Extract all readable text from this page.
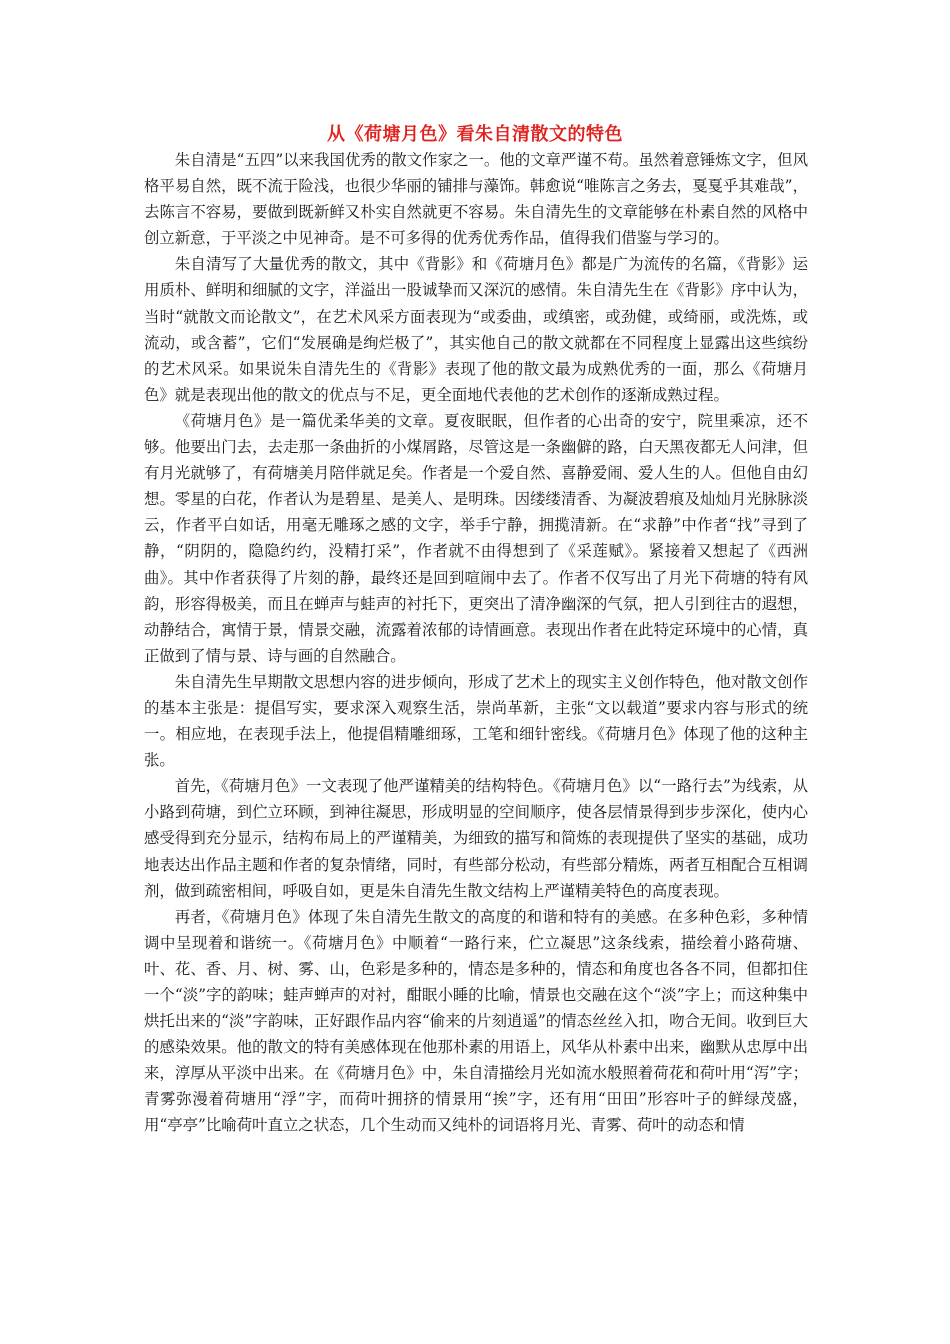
从《荷塘月色》看朱自清散文的特色

朱自清是“五四”以来我国优秀的散文作家之一。他的文章严谨不苟。虽然着意锤炼文字，但风格平易自然，既不流于险浅，也很少华丽的铺排与藻饰。韩愈说“唯陈言之务去，戛戛乎其难哉”，去陈言不容易，要做到既新鲜又朴实自然就更不容易。朱自清先生的文章能够在朴素自然的风格中创立新意，于平淡之中见神奇。是不可多得的优秀优秀作品，值得我们借鉴与学习的。

朱自清写了大量优秀的散文，其中《背影》和《荷塘月色》都是广为流传的名篇，《背影》运用质朴、鲜明和细腻的文字，洋溢出一股诚挚而又深沉的感情。朱自清先生在《背影》序中认为，当时“就散文而论散文”，在艺术风采方面表现为“或委曲，或缜密，或劲健，或绮丽，或洗炼，或流动，或含蓄”，它们“发展确是绚烂极了”，其实他自己的散文就都在不同程度上显露出这些缤纷的艺术风采。如果说朱自清先生的《背影》表现了他的散文最为成熟优秀的一面，那么《荷塘月色》就是表现出他的散文的优点与不足，更全面地代表他的艺术创作的逐渐成熟过程。

《荷塘月色》是一篇优柔华美的文章。夏夜眠眠，但作者的心出奇的安宁，院里乘凉，还不够。他要出门去，去走那一条曲折的小煤屑路，尽管这是一条幽僻的路，白天黑夜都无人问津，但有月光就够了，有荷塘美月陪伴就足矣。作者是一个爱自然、喜静爱闹、爱人生的人。但他自由幻想。零星的白花，作者认为是碧星、是美人、是明珠。因缕缕清香、为凝波碧痕及灿灿月光脉脉淡云，作者平白如话，用毫无雕琢之感的文字，举手宁静，拥揽清新。在“求静”中作者“找”寻到了静，“阴阴的，隐隐约约，没精打采”，作者就不由得想到了《采莲赋》。紧接着又想起了《西洲曲》。其中作者获得了片刻的静，最终还是回到喧闹中去了。作者不仅写出了月光下荷塘的特有风韵，形容得极美，而且在蝉声与蛙声的衬托下，更突出了清净幽深的气氛，把人引到往古的遐想，动静结合，寓情于景，情景交融，流露着浓郁的诗情画意。表现出作者在此特定环境中的心情，真正做到了情与景、诗与画的自然融合。

朱自清先生早期散文思想内容的进步倾向，形成了艺术上的现实主义创作特色，他对散文创作的基本主张是：提倡写实，要求深入观察生活，崇尚革新，主张“文以载道”要求内容与形式的统一。相应地，在表现手法上，他提倡精雕细琢，工笔和细针密线。《荷塘月色》体现了他的这种主张。

首先，《荷塘月色》一文表现了他严谨精美的结构特色。《荷塘月色》以“一路行去”为线索，从小路到荷塘，到伫立环顾，到神往凝思，形成明显的空间顺序，使各层情景得到步步深化，使内心感受得到充分显示，结构布局上的严谨精美，为细致的描写和简炼的表现提供了坚实的基础，成功地表达出作品主题和作者的复杂情绪，同时，有些部分松动，有些部分精炼，两者互相配合互相调剂，做到疏密相间，呼吸自如，更是朱自清先生散文结构上严谨精美特色的高度表现。

再者，《荷塘月色》体现了朱自清先生散文的高度的和谐和特有的美感。在多种色彩，多种情调中呈现着和谐统一。《荷塘月色》中顺着“一路行来，伫立凝思”这条线索，描绘着小路荷塘、叶、花、香、月、树、雾、山，色彩是多种的，情态是多种的，情态和角度也各各不同，但都扣住一个“淡”字的韵味；蛙声蝉声的对衬，酣眠小睡的比喻，情景也交融在这个“淡”字上；而这种集中烘托出来的“淡”字韵味，正好跟作品内容“偷来的片刻逍遥”的情态丝丝入扣，吻合无间。收到巨大的感染效果。他的散文的特有美感体现在他那朴素的用语上，风华从朴素中出来，幽默从忠厚中出来，淳厚从平淡中出来。在《荷塘月色》中，朱自清描绘月光如流水般照着荷花和荷叶用“泻”字；青雾弥漫着荷塘用“浮”字，而荷叶拥挤的情景用“挨”字，还有用“田田”形容叶子的鲜绿茂盛，用“亭亭”比喻荷叶直立之状态，几个生动而又纯朴的词语将月光、青雾、荷叶的动态和情
